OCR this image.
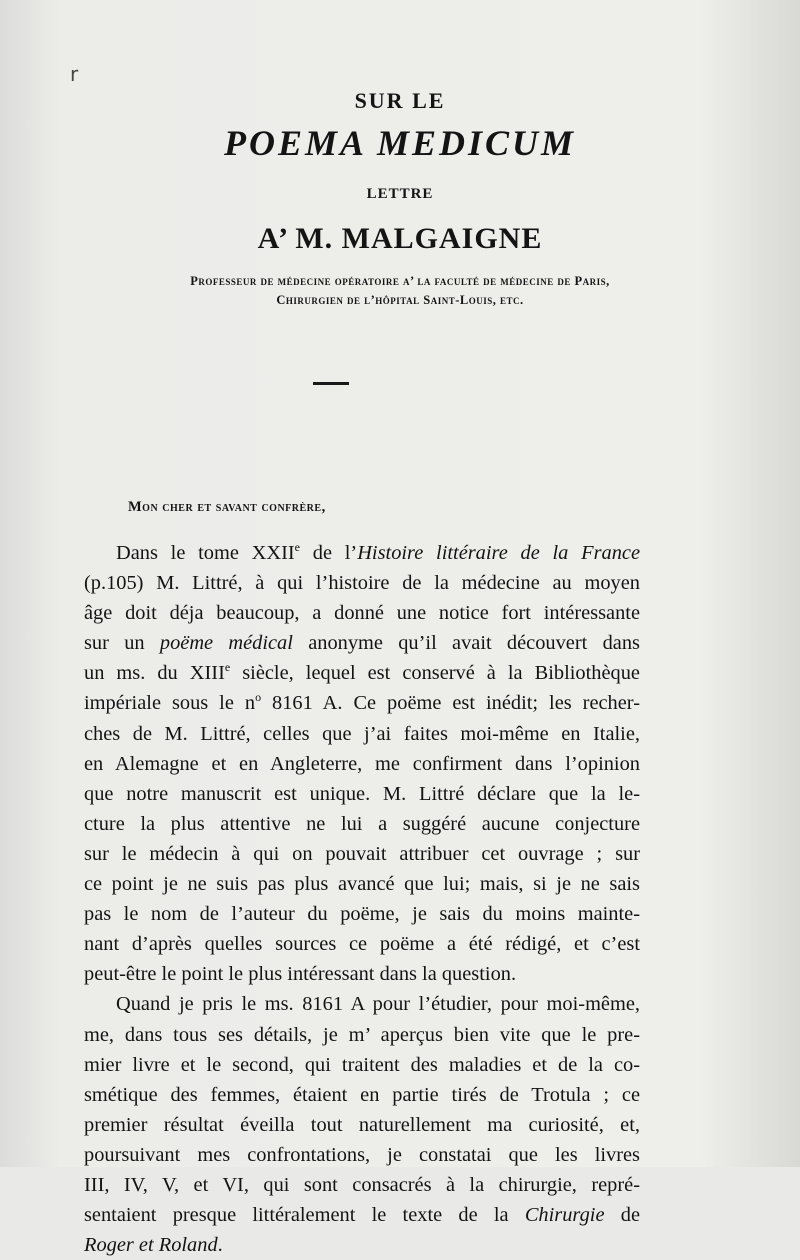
r
SUR LE
POEMA MEDICUM
LETTRE
A’ M. MALGAIGNE
Professeur de médecine opératoire a’ la faculté de médecine de Paris,
Chirurgien de l’hôpital Saint-Louis, etc.
Mon cher et savant confrère,
Dans le tome XXIIe de l’Histoire littéraire de la France
(p.105) M. Littré, à qui l’histoire de la médecine au moyen
âge doit déja beaucoup, a donné une notice fort intéressante
sur un poëme médical anonyme qu’il avait découvert dans
un ms. du XIIIe siècle, lequel est conservé à la Bibliothèque
impériale sous le $n^o$ 8161 A. Ce poëme est inédit; les recher-
ches de M. Littré, celles que j’ai faites moi-même en Italie,
en Alemagne et en Angleterre, me confirment dans l’opinion
que notre manuscrit est unique. M. Littré déclare que la le-
cture la plus attentive ne lui a suggéré aucune conjecture
sur le médecin à qui on pouvait attribuer cet ouvrage ; sur
ce point je ne suis pas plus avancé que lui; mais, si je ne sais
pas le nom de l’auteur du poëme, je sais du moins mainte-
nant d’après quelles sources ce poëme a été rédigé, et c’est
peut-être le point le plus intéressant dans la question.
Quand je pris le ms. 8161 A pour l’étudier, pour moi-même,
me, dans tous ses détails, je m’ aperçus bien vite que le pre-
mier livre et le second, qui traitent des maladies et de la co-
smétique des femmes, étaient en partie tirés de Trotula ; ce
premier résultat éveilla tout naturellement ma curiosité, et,
poursuivant mes confrontations, je constatai que les livres
III, IV, V, et VI, qui sont consacrés à la chirurgie, repré-
sentaient presque littéralement le texte de la Chirurgie de
Roger et Roland.
